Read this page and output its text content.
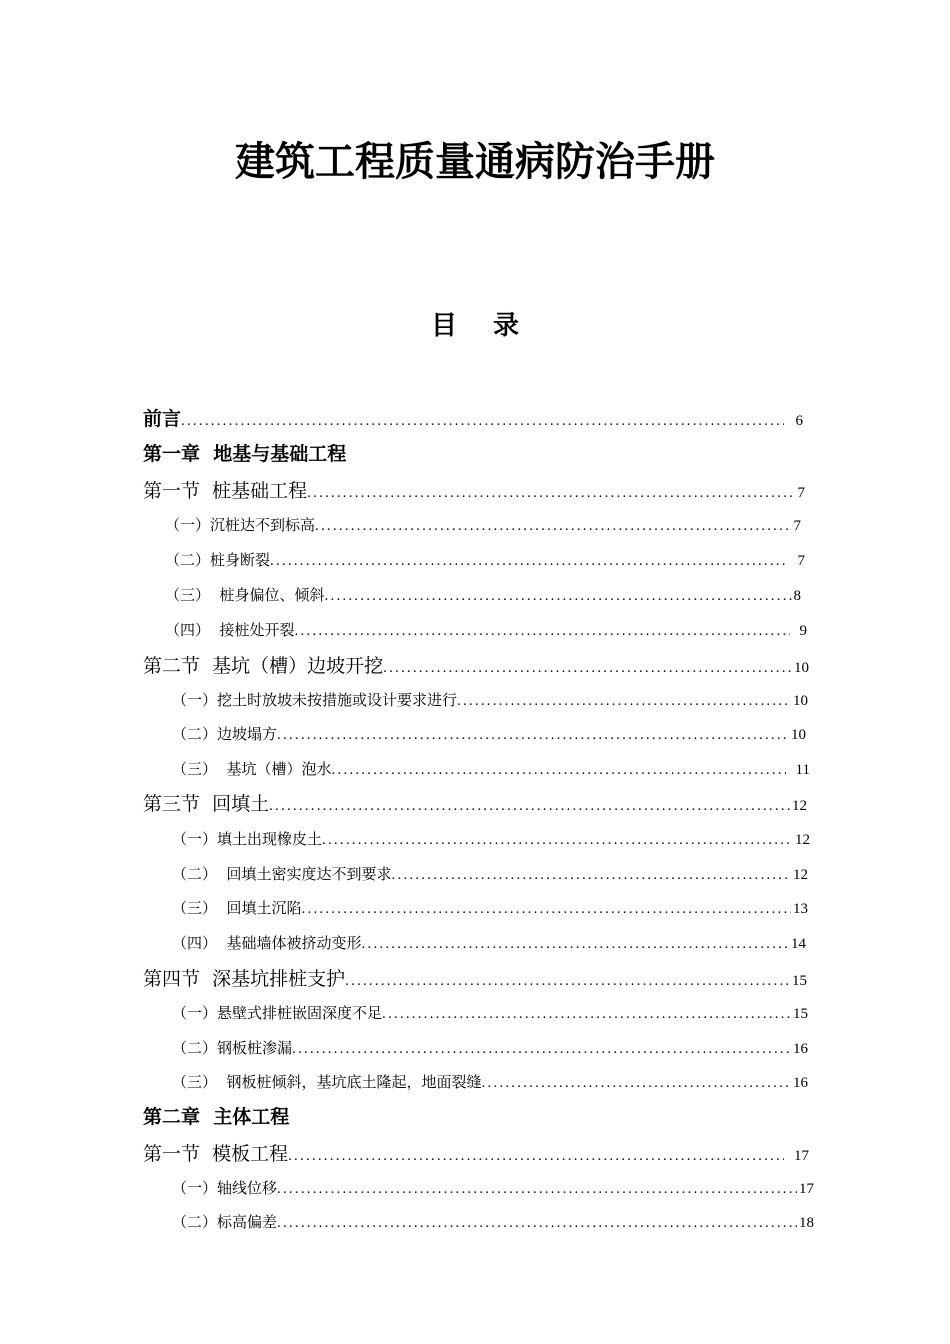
建筑工程质量通病防治手册
目 录
前言 .....	6
第一章  地基与基础工程
第一节  桩基础工程 .....	7
（一）沉桩达不到标高 .....	7
（二）桩身断裂 .....	7
（三）  桩身偏位、倾斜 .....	8
（四）  接桩处开裂 .....	9
第二节  基坑（槽）边坡开挖 .....	10
（一）挖土时放坡未按措施或设计要求进行 .....	10
（二）边坡塌方 .....	10
（三）  基坑（槽）泡水 .....	11
第三节  回填土 .....	12
（一）填土出现橡皮土 .....	12
（二）  回填土密实度达不到要求 .....	12
（三）  回填土沉陷 .....	13
（四）  基础墙体被挤动变形 .....	14
第四节  深基坑排桩支护 .....	15
（一）悬壁式排桩嵌固深度不足 .....	15
（二）钢板桩渗漏 .....	16
（三）  钢板桩倾斜，基坑底土隆起，地面裂缝 .....	16
第二章  主体工程
第一节  模板工程 .....	17
（一）轴线位移 .....	17
（二）标高偏差 .....	18
